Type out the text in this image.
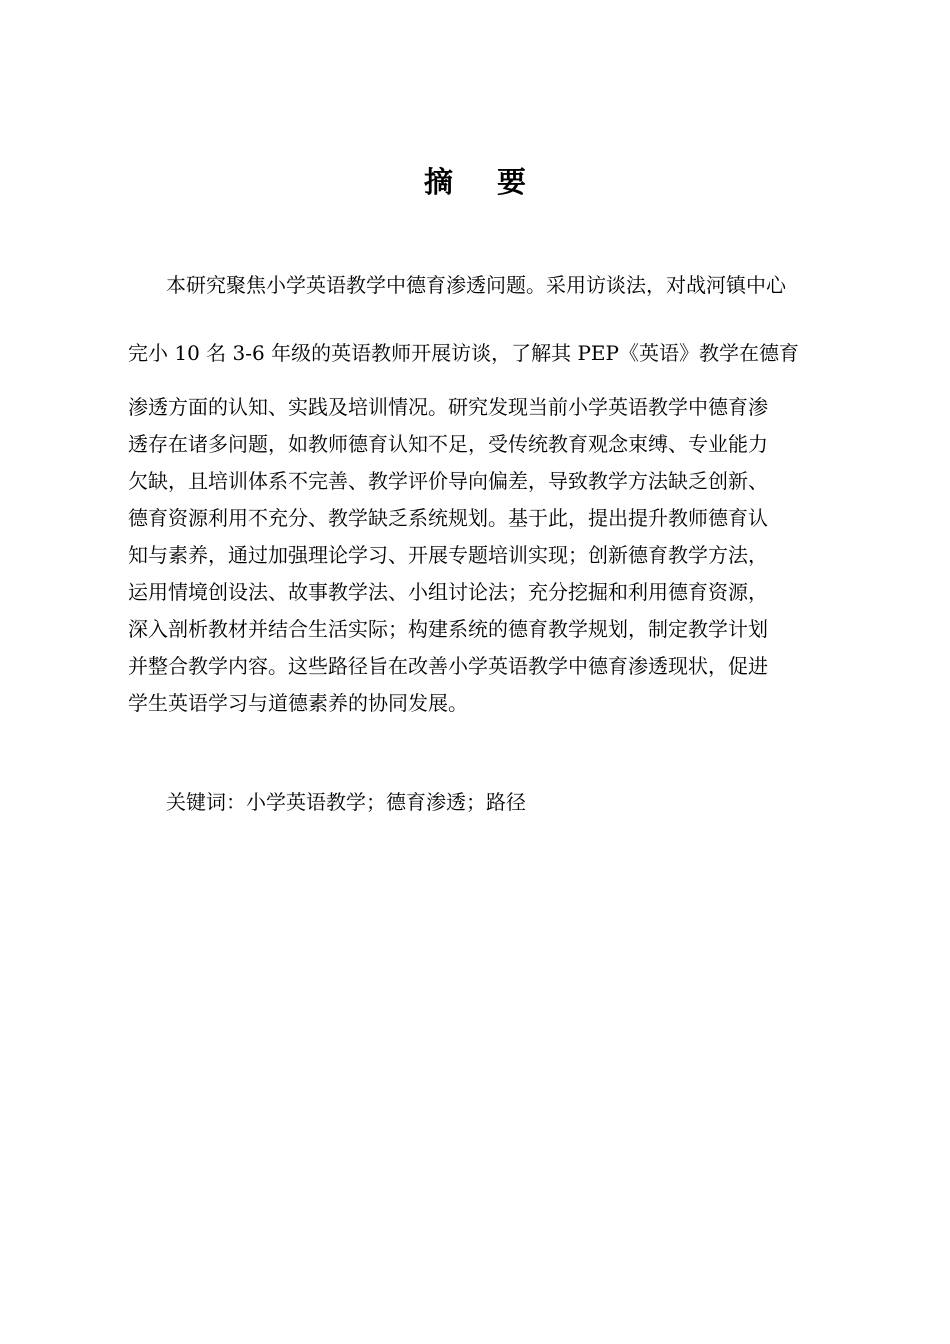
摘 要
本研究聚焦小学英语教学中德育渗透问题。采用访谈法，对战河镇中心
完小 10 名 3-6 年级的英语教师开展访谈，了解其 PEP《英语》教学在德育
渗透方面的认知、实践及培训情况。研究发现当前小学英语教学中德育渗
透存在诸多问题，如教师德育认知不足，受传统教育观念束缚、专业能力
欠缺，且培训体系不完善、教学评价导向偏差，导致教学方法缺乏创新、
德育资源利用不充分、教学缺乏系统规划。基于此，提出提升教师德育认
知与素养，通过加强理论学习、开展专题培训实现；创新德育教学方法，
运用情境创设法、故事教学法、小组讨论法；充分挖掘和利用德育资源，
深入剖析教材并结合生活实际；构建系统的德育教学规划，制定教学计划
并整合教学内容。这些路径旨在改善小学英语教学中德育渗透现状，促进
学生英语学习与道德素养的协同发展。
关键词：小学英语教学；德育渗透；路径
